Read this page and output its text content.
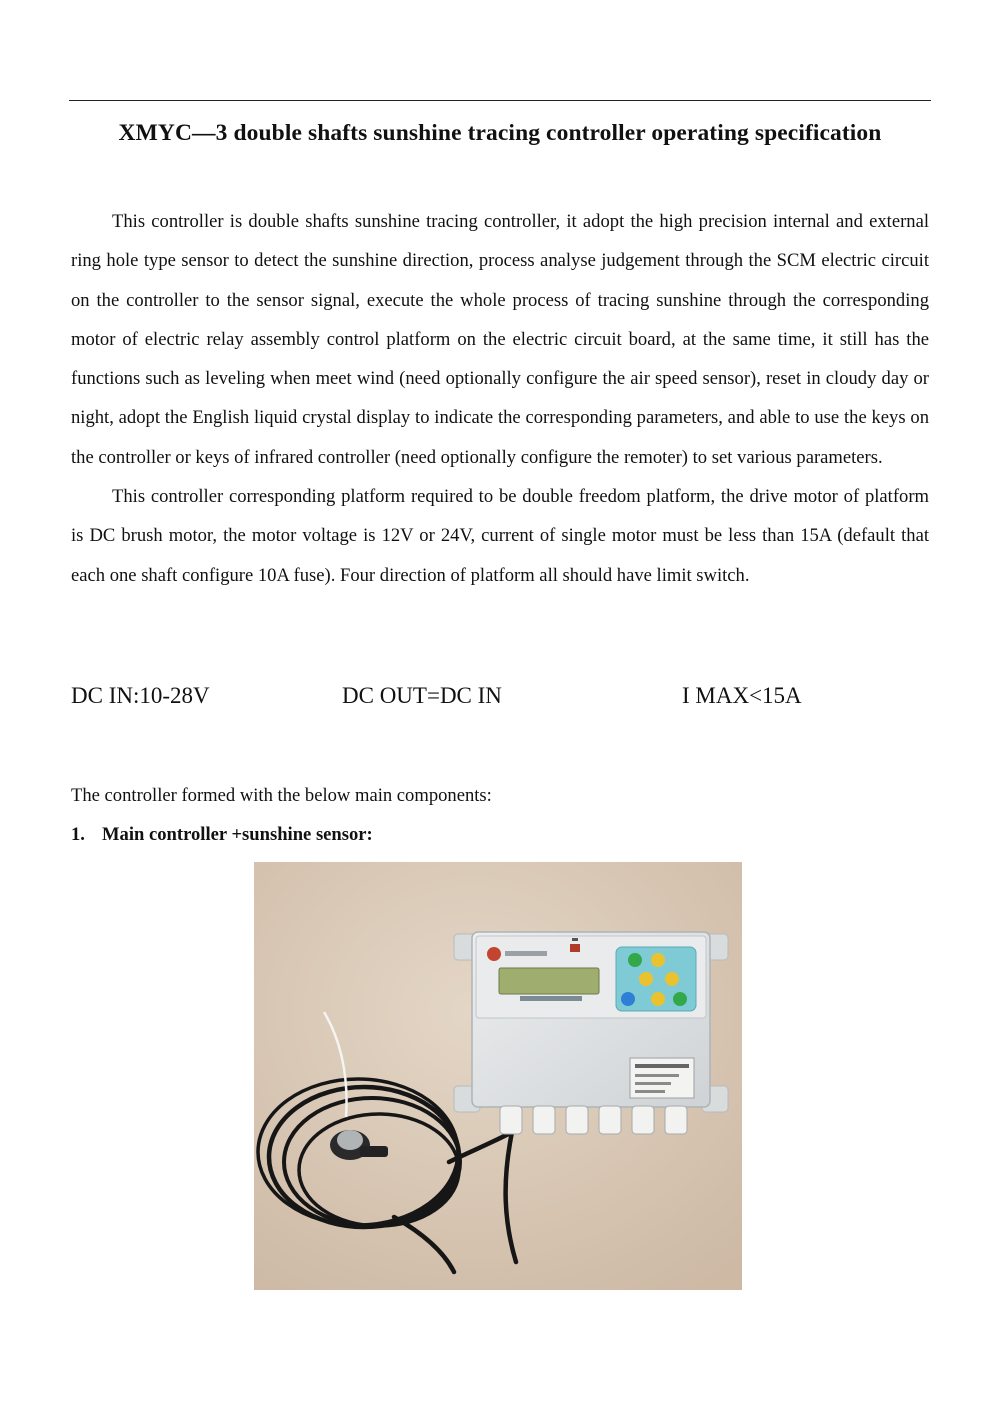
XMYC—3 double shafts sunshine tracing controller operating specification

This controller is double shafts sunshine tracing controller, it adopt the high precision internal and external ring hole type sensor to detect the sunshine direction, process analyse judgement through the SCM electric circuit on the controller to the sensor signal, execute the whole process of tracing sunshine through the corresponding motor of electric relay assembly control platform on the electric circuit board, at the same time, it still has the functions such as leveling when meet wind (need optionally configure the air speed sensor), reset in cloudy day or night, adopt the English liquid crystal display to indicate the corresponding parameters, and able to use the keys on the controller or keys of infrared controller (need optionally configure the remoter) to set various parameters.

This controller corresponding platform required to be double freedom platform, the drive motor of platform is DC brush motor, the motor voltage is 12V or 24V, current of single motor must be less than 15A (default that each one shaft configure 10A fuse). Four direction of platform all should have limit switch.

DC IN:10-28V	DC OUT=DC IN	I MAX<15A
The controller formed with the below main components:
1. Main controller +sunshine sensor:
